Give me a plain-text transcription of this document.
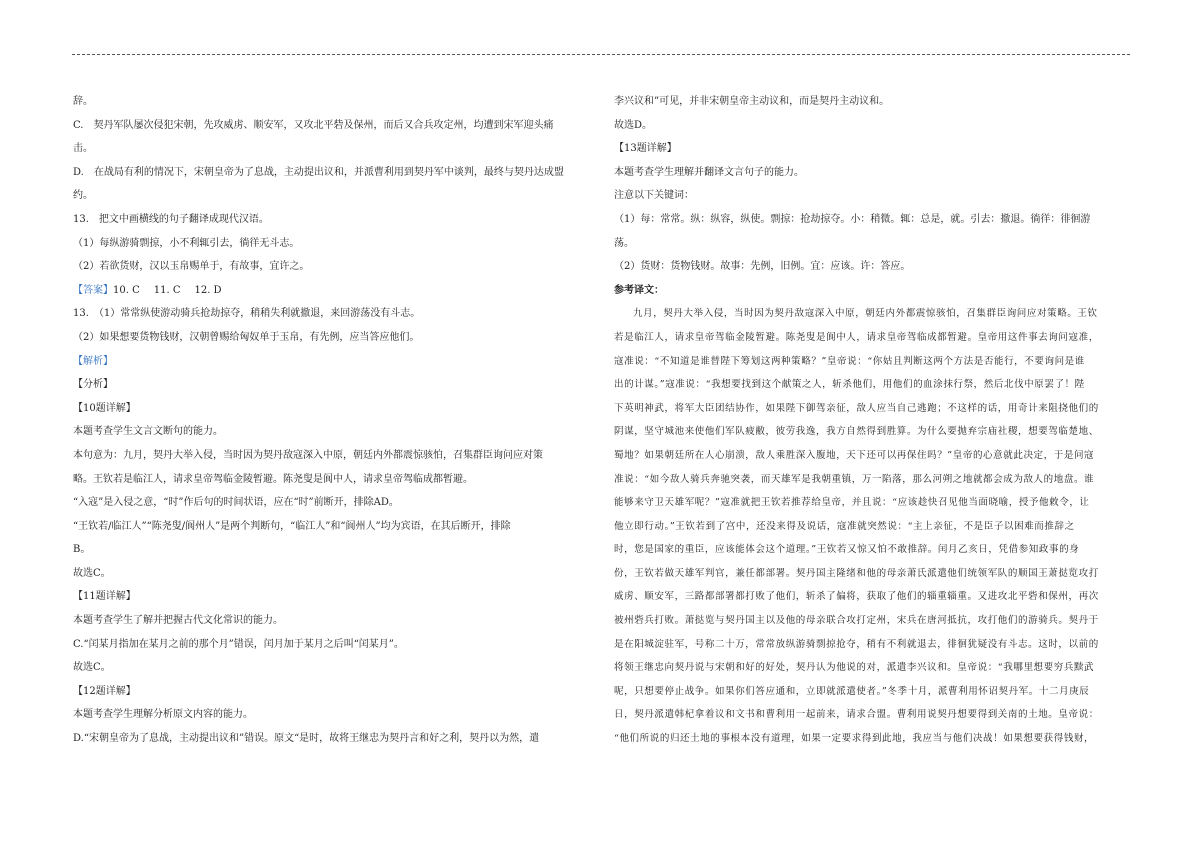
辞。

C.　契丹军队屡次侵犯宋朝，先攻威虏、顺安军，又攻北平砦及保州，而后又合兵攻定州，均遭到宋军迎头痛

击。

D.　在战局有利的情况下，宋朝皇帝为了息战，主动提出议和，并派曹利用到契丹军中谈判，最终与契丹达成盟

约。

13.　把文中画横线的句子翻译成现代汉语。

（1）每纵游骑剽掠，小不利辄引去，徜徉无斗志。

（2）若欲货财，汉以玉帛赐单于，有故事，宜许之。

【答案】10. C 11. C 12. D

13.　（1）常常纵使游动骑兵抢劫掠夺，稍稍失利就撤退，来回游荡没有斗志。

（2）如果想要货物钱财，汉朝曾赐给匈奴单于玉帛，有先例，应当答应他们。

【解析】

【分析】

【10题详解】

本题考查学生文言文断句的能力。

本句意为：九月，契丹大举入侵，当时因为契丹敌寇深入中原，朝廷内外都震惊骇怕，召集群臣询问应对策

略。王钦若是临江人，请求皇帝驾临金陵暂避。陈尧叟是阆中人，请求皇帝驾临成都暂避。

“入寇”是入侵之意，“时”作后句的时间状语，应在“时”前断开，排除AD。

“王钦若/临江人”“陈尧叟/阆州人”是两个判断句，“临江人”和“阆州人”均为宾语，在其后断开，排除

B。

故选C。

【11题详解】

本题考查学生了解并把握古代文化常识的能力。

C.“闰某月指加在某月之前的那个月”错误，闰月加于某月之后叫“闰某月”。

故选C。

【12题详解】

本题考查学生理解分析原文内容的能力。

D.“宋朝皇帝为了息战，主动提出议和”错误。原文“是时，故将王继忠为契丹言和好之利，契丹以为然，遣

李兴议和”可见，并非宋朝皇帝主动议和，而是契丹主动议和。

故选D。

【13题详解】

本题考查学生理解并翻译文言句子的能力。

注意以下关键词：

（1）每：常常。纵：纵容，纵使。剽掠：抢劫掠夺。小：稍微。辄：总是，就。引去：撤退。徜徉：徘徊游

荡。

（2）货财：货物钱财。故事：先例，旧例。宜：应该。许：答应。

参考译文：

九月，契丹大举入侵，当时因为契丹敌寇深入中原，朝廷内外都震惊骇怕，召集群臣询问应对策略。王钦

若是临江人，请求皇帝驾临金陵暂避。陈尧叟是阆中人，请求皇帝驾临成都暂避。皇帝用这件事去询问寇准，

寇准说：“不知道是谁替陛下筹划这两种策略？”皇帝说：“你姑且判断这两个方法是否能行，不要询问是谁

出的计谋。”寇准说：“我想要找到这个献策之人，斩杀他们，用他们的血涂抹行祭，然后北伐中原罢了！陛

下英明神武，将军大臣团结协作，如果陛下御驾亲征，敌人应当自己逃跑；不这样的话，用奇计来阻挠他们的

阴谋，坚守城池来使他们军队疲敝，彼劳我逸，我方自然得到胜算。为什么要抛弃宗庙社稷，想要驾临楚地、

蜀地？如果朝廷所在人心崩溃，敌人乘胜深入腹地，天下还可以再保住吗？”皇帝的心意就此决定，于是问寇

准说：“如今敌人骑兵奔驰突袭，而天雄军是我朝重镇，万一陷落，那么河朔之地就都会成为敌人的地盘。谁

能够来守卫天雄军呢？”寇准就把王钦若推荐给皇帝，并且说：“应该趁快召见他当面晓喻，授予他敕令，让

他立即行动。”王钦若到了宫中，还没来得及说话，寇准就突然说：“主上亲征，不是臣子以困难而推辞之

时，您是国家的重臣，应该能体会这个道理。”王钦若又惊又怕不敢推辞。闰月乙亥日，凭借参知政事的身

份，王钦若做天雄军判官，兼任都部署。契丹国主隆绪和他的母亲萧氏派遣他们统领军队的顺国王萧挞览攻打

威虏、顺安军，三路都部署都打败了他们，斩杀了偏将，获取了他们的辎重辎重。又进攻北平砦和保州，再次

被州砦兵打败。萧挞览与契丹国主以及他的母亲联合攻打定州，宋兵在唐河抵抗，攻打他们的游骑兵。契丹于

是在阳城淀驻军，号称二十万，常常放纵游骑剽掠抢夺，稍有不利就退去，徘徊犹疑没有斗志。这时，以前的

将领王继忠向契丹说与宋朝和好的好处，契丹认为他说的对，派遣李兴议和。皇帝说：“我哪里想要穷兵黩武

呢，只想要停止战争。如果你们答应通和，立即就派遣使者。”冬季十月，派曹利用怀诏契丹军。十二月庚辰

日，契丹派遣韩杞拿着议和文书和曹利用一起前来，请求合盟。曹利用说契丹想要得到关南的土地。皇帝说：

“他们所说的归还土地的事根本没有道理，如果一定要求得到此地，我应当与他们决战！如果想要获得钱财，
